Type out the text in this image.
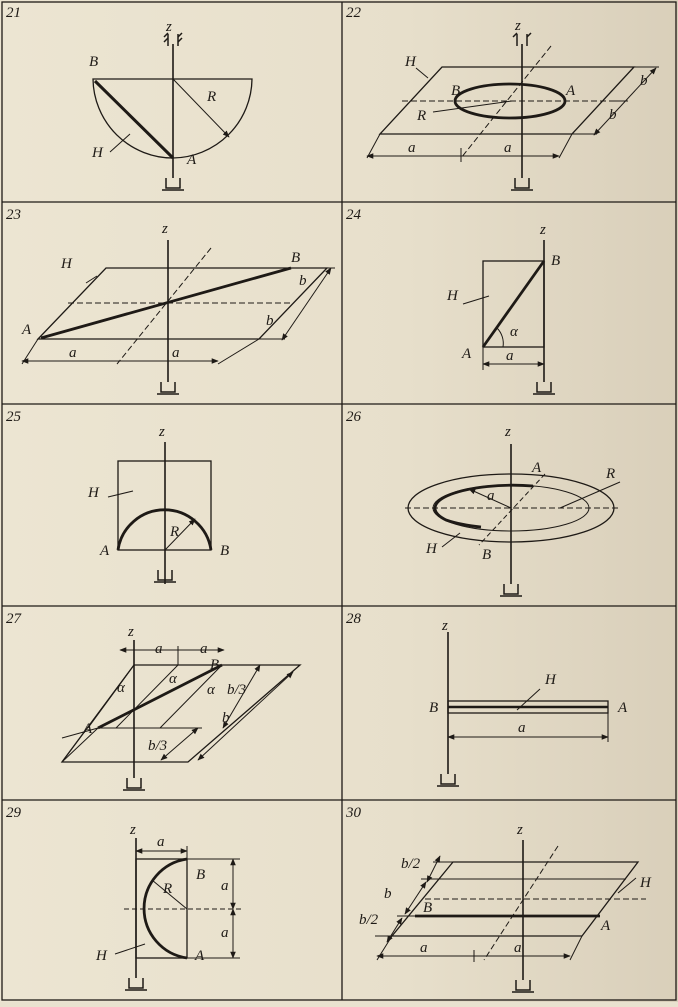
21	22
23	24
25	26
27	28
29	30
z
B
R
H	A
z
H
B	A
R
a	a
b
b
z
H	B
A
a	a
b
b
z
B
H
α
A a
z
H
R
A	B
z
A	R
a
H	B
z
a	a
B
α
α
α b/3
A
b
b/3
z
H
B	A
a
z
a
R
B
a
a
H	A
z
b/2
b
b/2
B
H
A
a	a
